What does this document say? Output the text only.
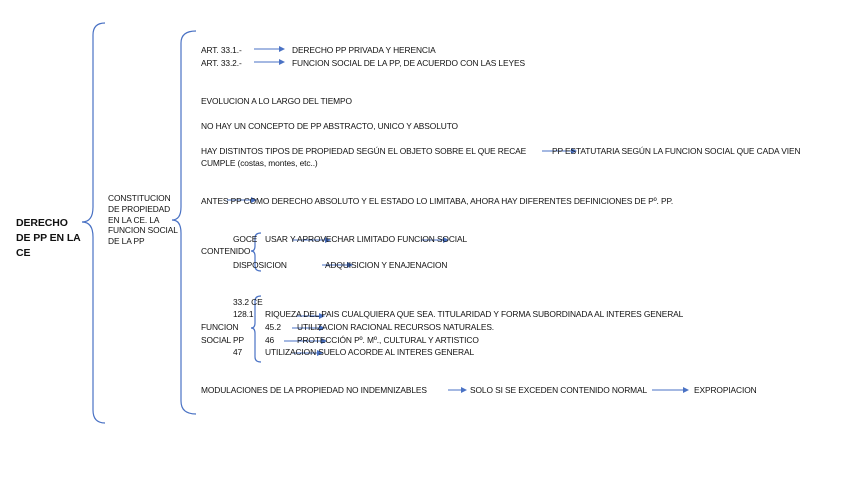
DERECHO DE PP EN LA CE
CONSTITUCION DE PROPIEDAD EN LA CE. LA FUNCION SOCIAL DE LA PP
ART. 33.1.-	DERECHO PP PRIVADA Y HERENCIA
ART. 33.2.-	FUNCION SOCIAL DE LA PP, DE ACUERDO CON LAS LEYES
EVOLUCION A LO LARGO DEL TIEMPO
NO HAY UN CONCEPTO DE PP ABSTRACTO, UNICO Y ABSOLUTO
HAY DISTINTOS TIPOS DE PROPIEDAD SEGÚN EL OBJETO SOBRE EL QUE RECAE	PP ESTATUTARIA SEGÚN LA FUNCION SOCIAL QUE CADA VIEN
CUMPLE (costas, montes, etc..)
ANTES PP COMO DERECHO ABSOLUTO Y EL ESTADO LO LIMITABA, AHORA HAY DIFERENTES DEFINICIONES DE Pº. PP.
CONTENIDO
GOCE USAR Y APROVECHAR LIMITADO FUNCION SOCIAL
DISPOSICION	ADQUISICION Y ENAJENACION
FUNCION
SOCIAL PP
33.2 CE
128.1 RIQUEZA DEL PAIS CUALQUIERA QUE SEA. TITULARIDAD Y FORMA SUBORDINADA AL INTERES GENERAL
45.2 UTILIZACION RACIONAL RECURSOS NATURALES.
46	PROTECCIÓN Pº. Mº., CULTURAL Y ARTISTICO
47	UTILIZACION SUELO ACORDE AL INTERES GENERAL
MODULACIONES DE LA PROPIEDAD NO INDEMNIZABLES	SOLO SI SE EXCEDEN CONTENIDO NORMAL	EXPROPIACION
